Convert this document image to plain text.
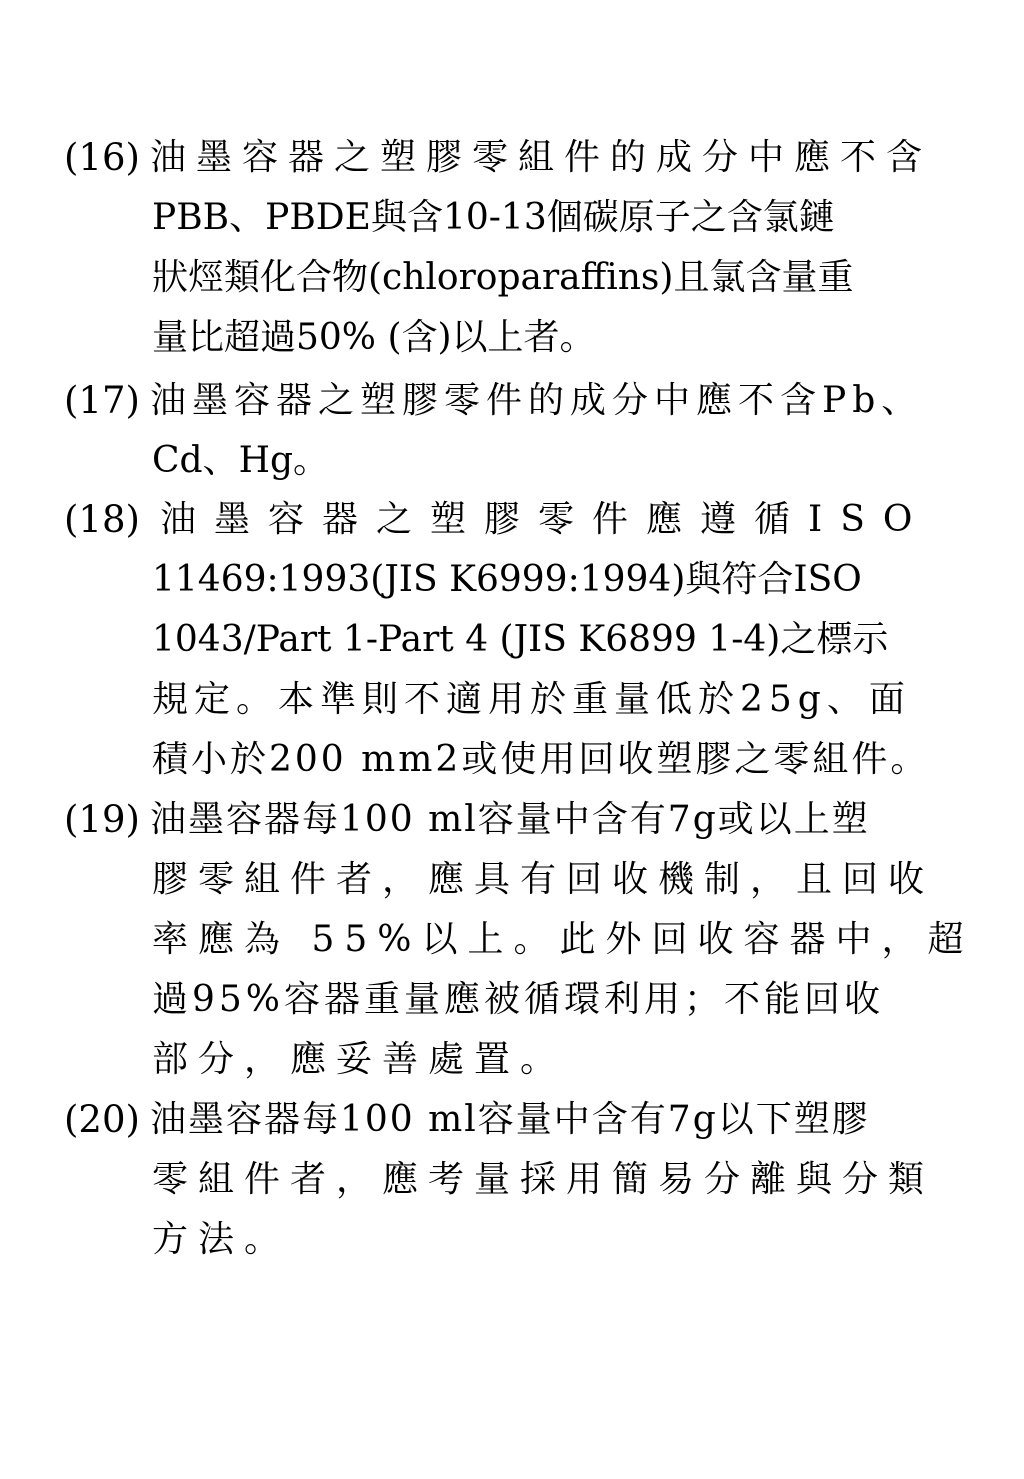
(16) 油墨容器之塑膠零組件的成分中應不含
PBB、PBDE與含10-13個碳原子之含氯鏈
狀烴類化合物(chloroparaffins)且氯含量重
量比超過50% (含)以上者。
(17) 油墨容器之塑膠零件的成分中應不含Pb、
Cd、Hg。
(18) 油墨容器之塑膠零件應遵循ISO
11469:1993(JIS K6999:1994)與符合ISO
1043/Part 1-Part 4 (JIS K6899 1-4)之標示
規定。本準則不適用於重量低於25g、面
積小於200 mm2或使用回收塑膠之零組件。
(19) 油墨容器每100 ml容量中含有7g或以上塑
膠零組件者，應具有回收機制，且回收
率應為 55%以上。此外回收容器中，超
過95%容器重量應被循環利用；不能回收
部分，應妥善處置。
(20) 油墨容器每100 ml容量中含有7g以下塑膠
零組件者，應考量採用簡易分離與分類
方法。
